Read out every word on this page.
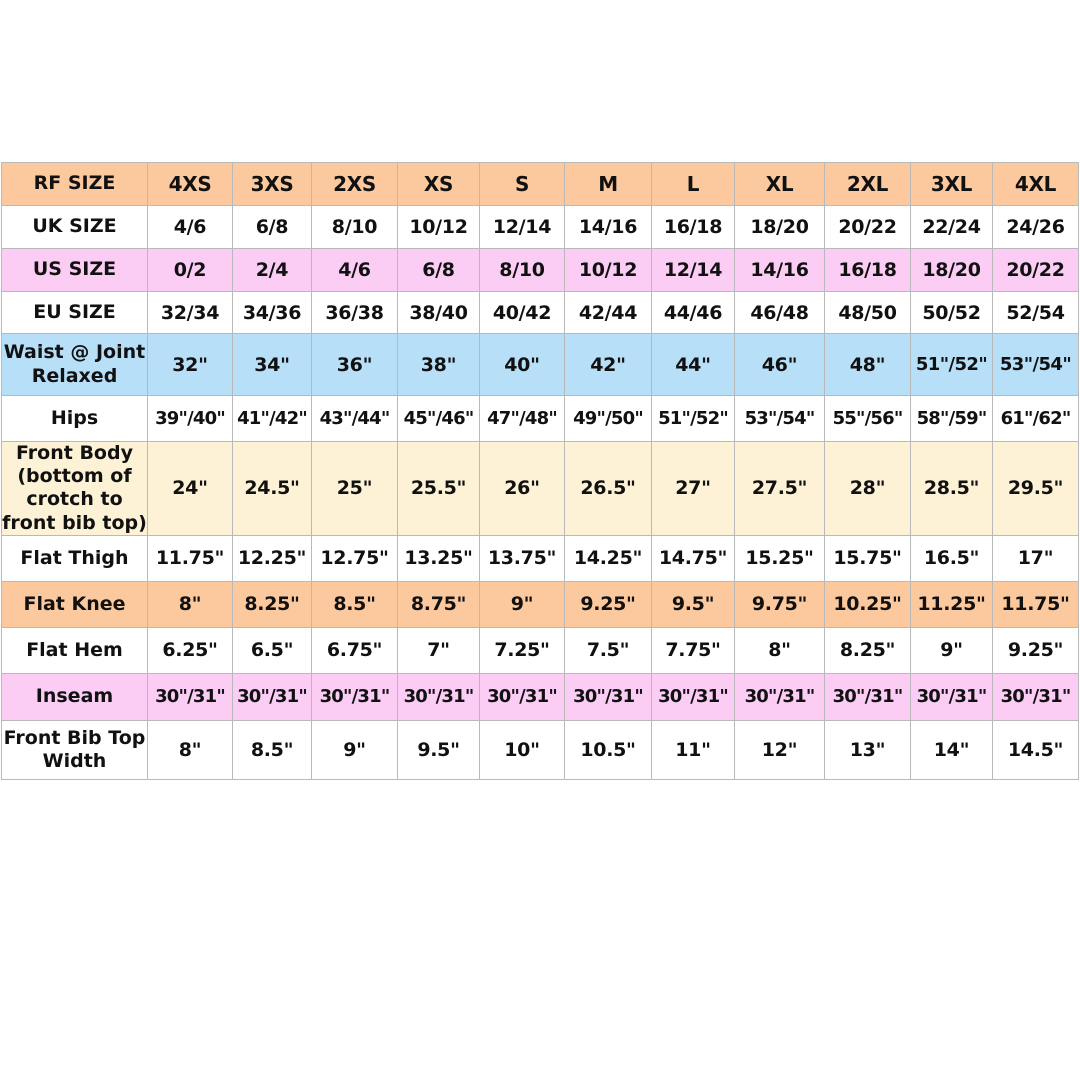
RF SIZE	4XS	3XS	2XS	XS	S	M	L	XL	2XL	3XL	4XL
UK SIZE	4/6	6/8	8/10	10/12	12/14	14/16	16/18	18/20	20/22	22/24	24/26
US SIZE	0/2	2/4	4/6	6/8	8/10	10/12	12/14	14/16	16/18	18/20	20/22
EU SIZE	32/34	34/36	36/38	38/40	40/42	42/44	44/46	46/48	48/50	50/52	52/54
Waist @ Joint Relaxed	32"	34"	36"	38"	40"	42"	44"	46"	48"	51"/52"	53"/54"
Hips	39"/40"	41"/42"	43"/44"	45"/46"	47"/48"	49"/50"	51"/52"	53"/54"	55"/56"	58"/59"	61"/62"
Front Body (bottom of crotch to front bib top)	24"	24.5"	25"	25.5"	26"	26.5"	27"	27.5"	28"	28.5"	29.5"
Flat Thigh	11.75"	12.25"	12.75"	13.25"	13.75"	14.25"	14.75"	15.25"	15.75"	16.5"	17"
Flat Knee	8"	8.25"	8.5"	8.75"	9"	9.25"	9.5"	9.75"	10.25"	11.25"	11.75"
Flat Hem	6.25"	6.5"	6.75"	7"	7.25"	7.5"	7.75"	8"	8.25"	9"	9.25"
Inseam	30"/31"	30"/31"	30"/31"	30"/31"	30"/31"	30"/31"	30"/31"	30"/31"	30"/31"	30"/31"	30"/31"
Front Bib Top Width	8"	8.5"	9"	9.5"	10"	10.5"	11"	12"	13"	14"	14.5"
